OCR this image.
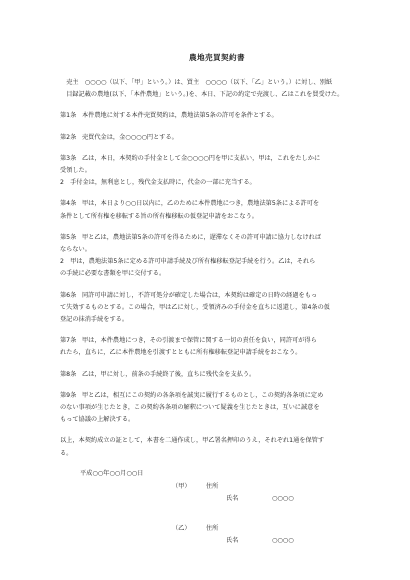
農地売買契約書

売主　○○○○（以下、「甲」という。）は、買主　○○○○（以下、「乙」という。）に対し、別紙
目録記載の農地(以下、「本件農地」という。)を、本日、下記の約定で売渡し、乙はこれを買受けた。

第1条 本件農地に対する本件売買契約は，農地法第5条の許可を条件とする。

第2条 売買代金は，金○○○○円とする。

第3条 乙は，本日，本契約の手付金として金○○○○円を甲に支払い，甲は，これをたしかに
受領した。
2　手付金は，無利息とし，残代金支払時に，代金の一部に充当する。

第4条 甲は，本日より○○日以内に，乙のために本件農地につき，農地法第5条による許可を
条件として所有権を移転する旨の所有権移転の仮登記申請をおこなう。

第5条 甲と乙は，農地法第5条の許可を得るために，遅滞なくその許可申請に協力しなければ
ならない。
2　甲は，農地法第5条に定める許可申請手続及び所有権移転登記手続を行う。乙は，それら
の手続に必要な書類を甲に交付する。

第6条 同許可申請に対し，不許可処分が確定した場合は，本契約は確定の日時の経過をもっ
て失効するものとする。この場合，甲は乙に対し，受領済みの手付金を直ちに返還し，第4条の仮
登記の抹消手続をする。

第7条 甲は，本件農地につき，その引渡まで保管に関する一切の責任を負い，同許可が得ら
れたら，直ちに，乙に本件農地を引渡すとともに所有権移転登記申請手続をおこなう。

第8条 乙は，甲に対し，前条の手続終了後，直ちに残代金を支払う。

第9条 甲と乙は，相互にこの契約の各条項を誠実に履行するものとし，この契約各条項に定め
のない事項が生じたとき，この契約各条項の解釈について疑義を生じたときは，互いに誠意を
もって協議の上解決する。

以上，本契約成立の証として，本書を二通作成し，甲乙署名押印のうえ，それぞれ1通を保管す
る。

平成○○年○○月○○日
（甲）	住所
氏名	○○○○
（乙）	住所
氏名	○○○○
